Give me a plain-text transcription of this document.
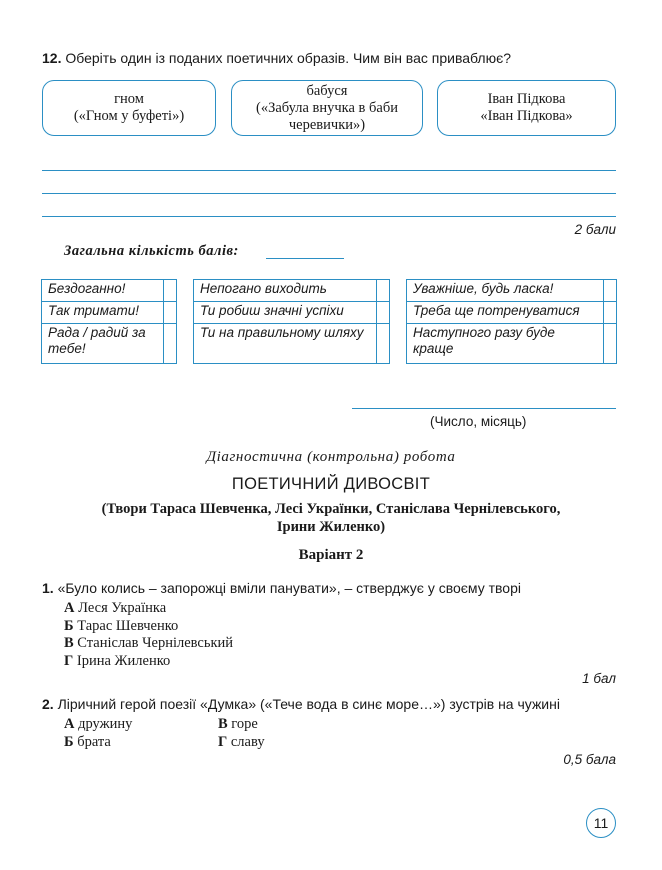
12. Оберіть один із поданих поетичних образів. Чим він вас приваблює?
гном
(«Гном у буфеті»)
бабуся
(«Забула внучка в баби
черевички»)
Іван Підкова
«Іван Підкова»
2 бали
Загальна кількість балів:
Бездоганно!	
Так тримати!	
Рада / радий за тебе!	
Непогано виходить	
Ти робиш значні успіхи	
Ти на правильному шляху	
Уважніше, будь ласка!	
Треба ще потренуватися	
Наступного разу буде краще	
(Число, місяць)
Діагностична (контрольна) робота
ПОЕТИЧНИЙ ДИВОСВІТ
(Твори Тараса Шевченка, Лесі Українки, Станіслава Чернілевського,
Ірини Жиленко)
Варіант 2
1. «Було колись – запорожці вміли панувати», – стверджує у своєму творі
А Леся Українка
Б Тарас Шевченко
В Станіслав Чернілевський
Г Ірина Жиленко
1 бал
2. Ліричний герой поезії «Думка» («Тече вода в синє море…») зустрів на чужині
А дружину
Б брата
В горе
Г славу
0,5 бала
11
